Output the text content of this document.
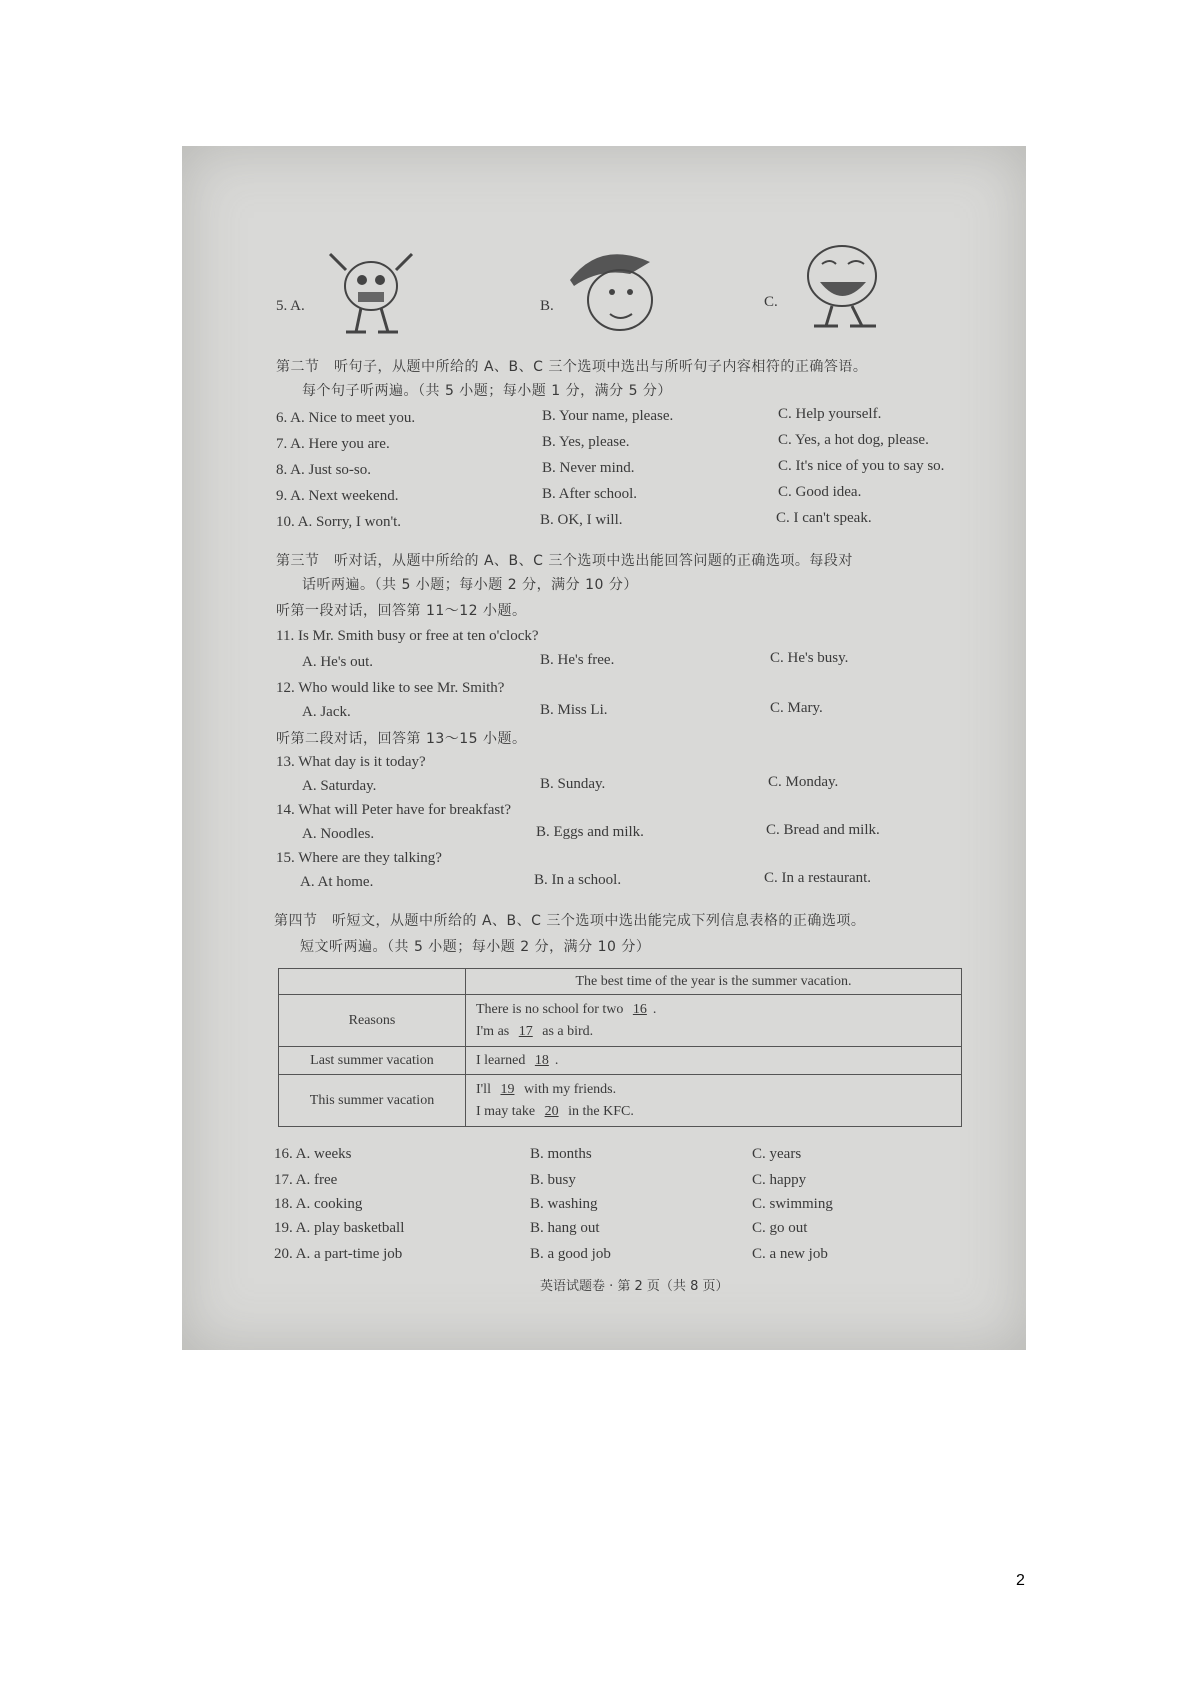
5. A.	B.	C.
第二节　听句子，从题中所给的 A、B、C 三个选项中选出与所听句子内容相符的正确答语。
每个句子听两遍。（共 5 小题；每小题 1 分，满分 5 分）
6. A. Nice to meet you.	B. Your name, please.	C. Help yourself.
7. A. Here you are.	B. Yes, please.	C. Yes, a hot dog, please.
8. A. Just so-so.	B. Never mind.	C. It's nice of you to say so.
9. A. Next weekend.	B. After school.	C. Good idea.
10. A. Sorry, I won't.	B. OK, I will.	C. I can't speak.
第三节　听对话，从题中所给的 A、B、C 三个选项中选出能回答问题的正确选项。每段对
话听两遍。（共 5 小题；每小题 2 分，满分 10 分）
听第一段对话，回答第 11～12 小题。
11. Is Mr. Smith busy or free at ten o'clock?
A. He's out.	B. He's free.	C. He's busy.
12. Who would like to see Mr. Smith?
A. Jack.	B. Miss Li.	C. Mary.
听第二段对话，回答第 13～15 小题。
13. What day is it today?
A. Saturday.	B. Sunday.	C. Monday.
14. What will Peter have for breakfast?
A. Noodles.	B. Eggs and milk.	C. Bread and milk.
15. Where are they talking?
A. At home.	B. In a school.	C. In a restaurant.
第四节　听短文，从题中所给的 A、B、C 三个选项中选出能完成下列信息表格的正确选项。
短文听两遍。（共 5 小题；每小题 2 分，满分 10 分）
	The best time of the year is the summer vacation.
Reasons	There is no school for two 16 .
I'm as 17 as a bird.

Last summer vacation	I learned 18 .
This summer vacation	I'll 19 with my friends.
I may take 20 in the KFC.
16. A. weeks	B. months	C. years
17. A. free	B. busy	C. happy
18. A. cooking	B. washing	C. swimming
19. A. play basketball	B. hang out	C. go out
20. A. a part-time job	B. a good job	C. a new job
英语试题卷 · 第 2 页（共 8 页）
2
